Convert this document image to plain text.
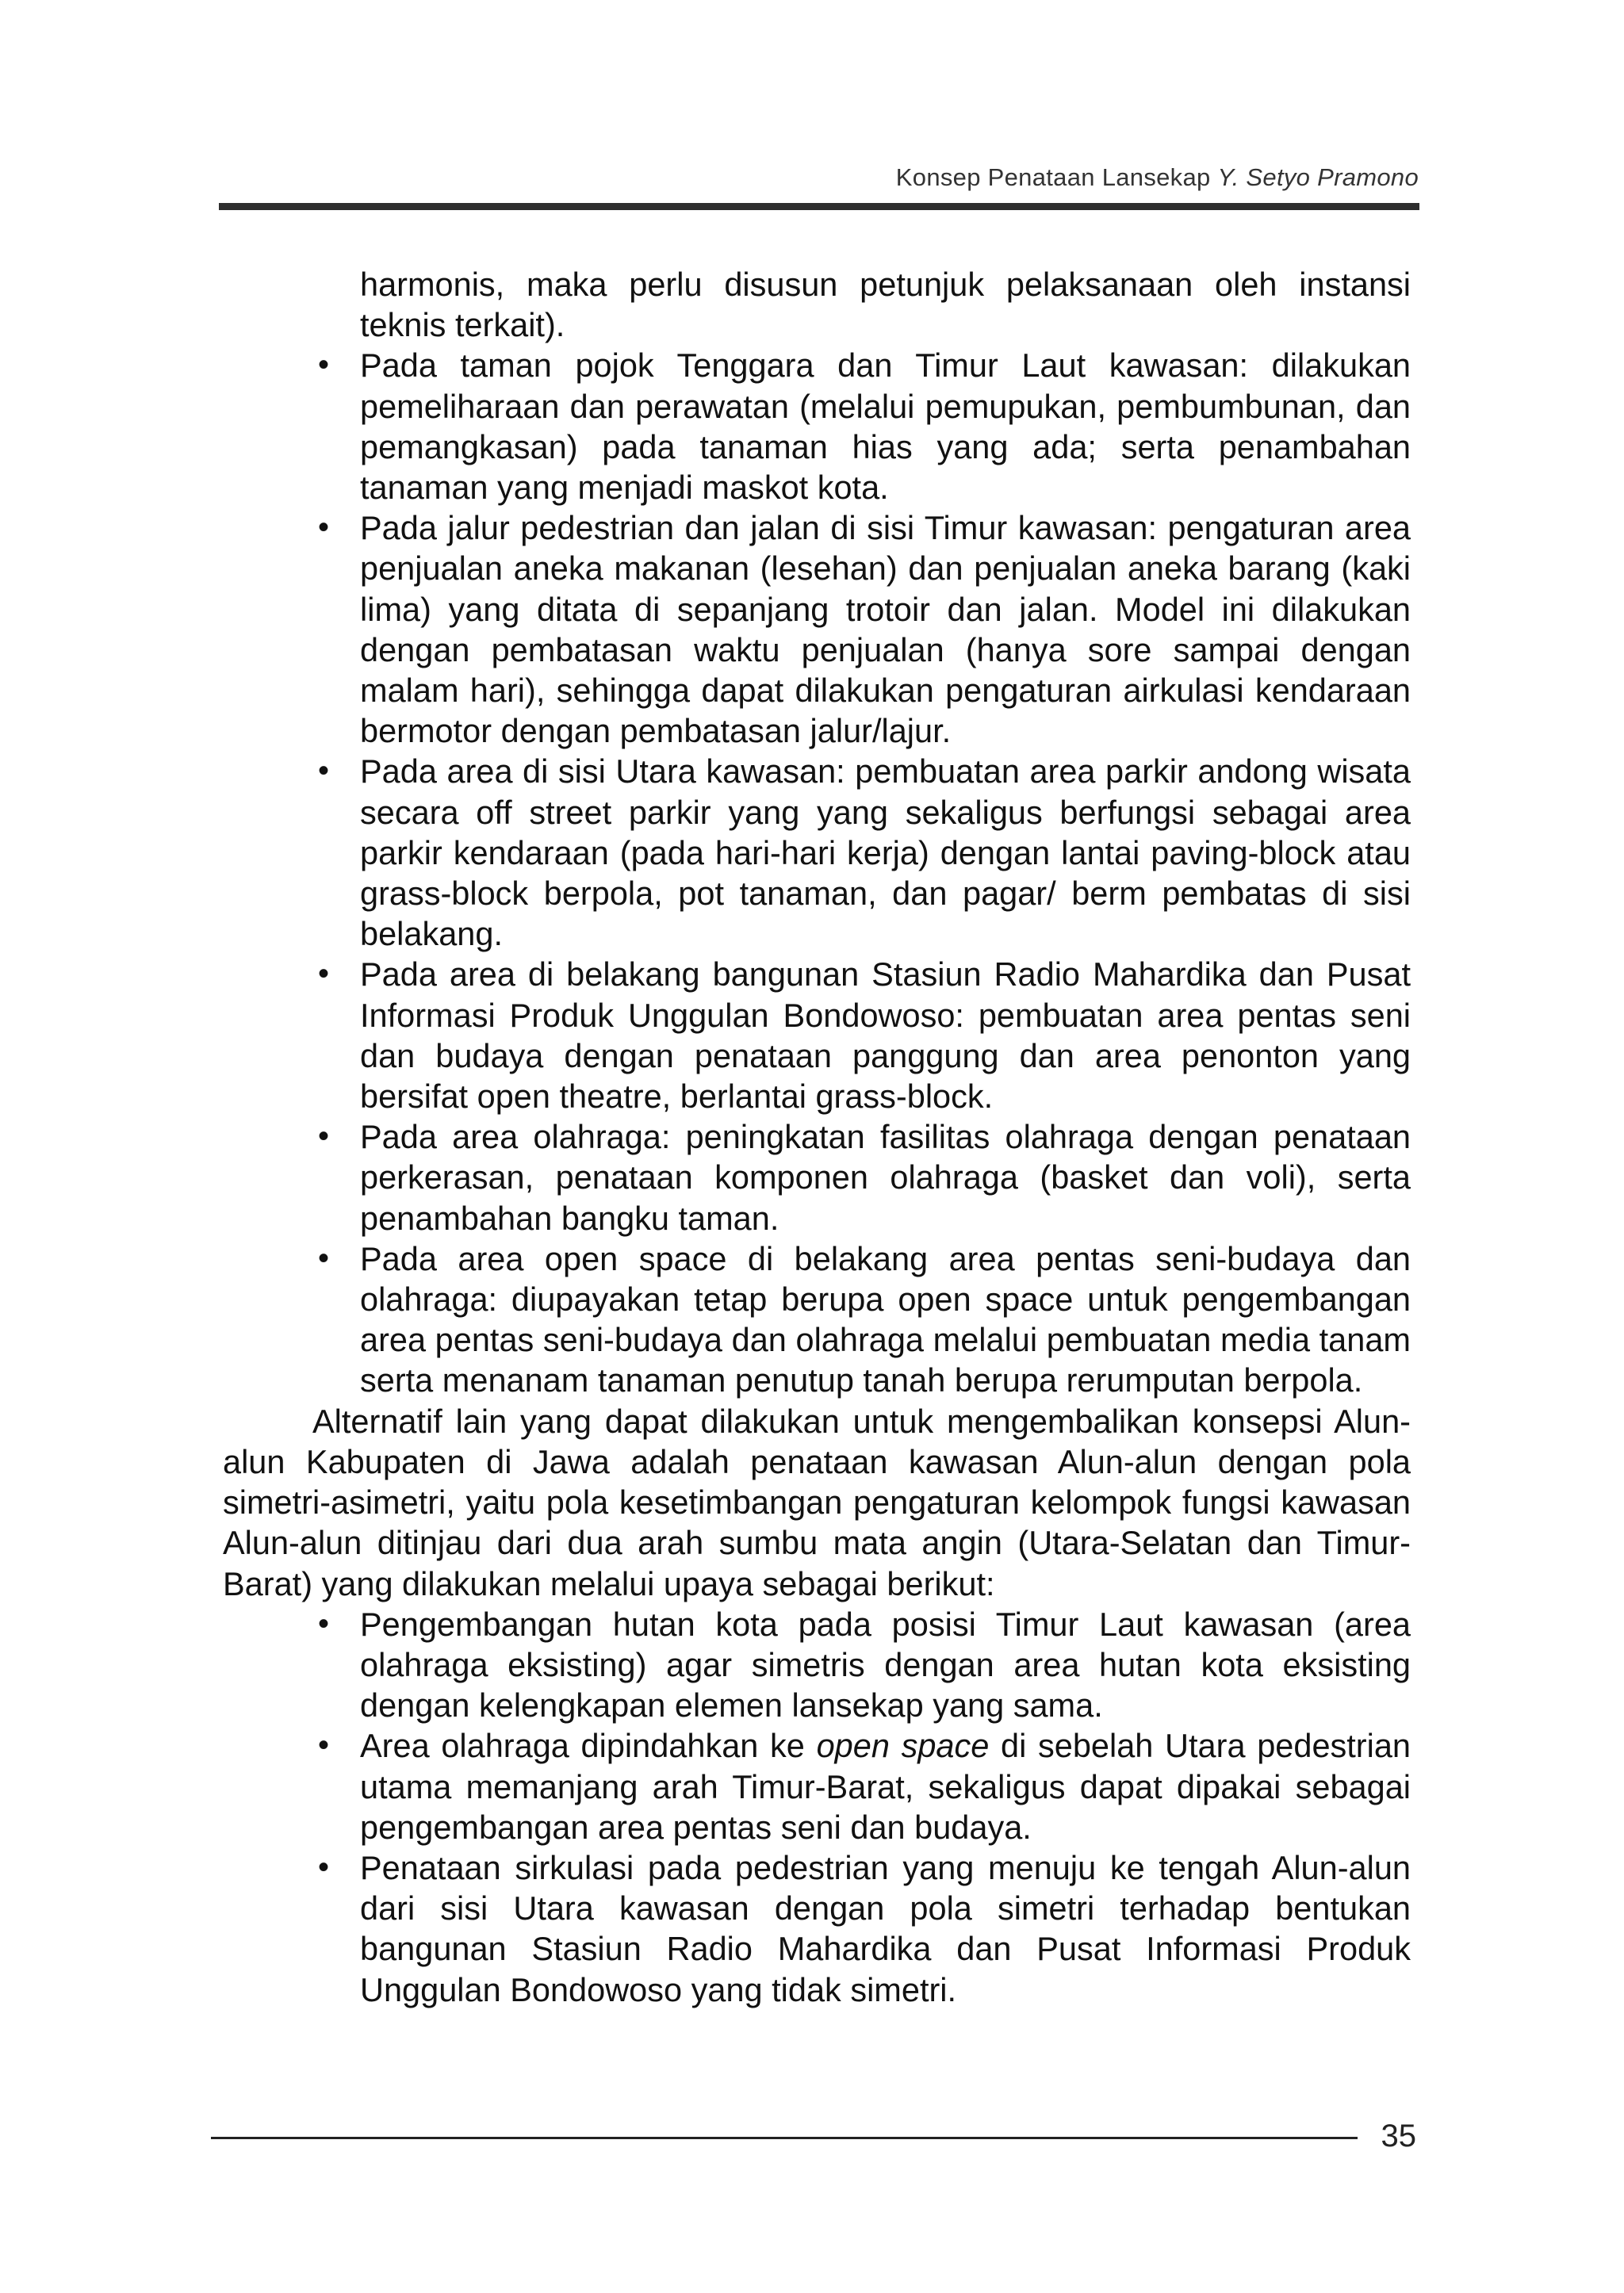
Konsep Penataan Lansekap Y. Setyo Pramono

harmonis, maka perlu disusun petunjuk pelaksanaan oleh instansi teknis terkait).

• Pada taman pojok Tenggara dan Timur Laut kawasan: dilakukan pemeliharaan dan perawatan (melalui pemupukan, pembumbunan, dan pemangkasan) pada tanaman hias yang ada; serta penambahan tanaman yang menjadi maskot kota.
• Pada jalur pedestrian dan jalan di sisi Timur kawasan: pengaturan area penjualan aneka makanan (lesehan) dan penjualan aneka barang (kaki lima) yang ditata di sepanjang trotoir dan jalan. Model ini dilakukan dengan pembatasan waktu penjualan (hanya sore sampai dengan malam hari), sehingga dapat dilakukan pengaturan airkulasi kendaraan bermotor dengan pembatasan jalur/lajur.
• Pada area di sisi Utara kawasan: pembuatan area parkir andong wisata secara off street parkir yang yang sekaligus berfungsi sebagai area parkir kendaraan (pada hari-hari kerja) dengan lantai paving-block atau grass-block berpola, pot tanaman, dan pagar/ berm pembatas di sisi belakang.
• Pada area di belakang bangunan Stasiun Radio Mahardika dan Pusat Informasi Produk Unggulan Bondowoso: pembuatan area pentas seni dan budaya dengan penataan panggung dan area penonton yang bersifat open theatre, berlantai grass-block.
• Pada area olahraga: peningkatan fasilitas olahraga dengan penataan perkerasan, penataan komponen olahraga (basket dan voli), serta penambahan bangku taman.
• Pada area open space di belakang area pentas seni-budaya dan olahraga: diupayakan tetap berupa open space untuk pengembangan area pentas seni-budaya dan olahraga melalui pembuatan media tanam serta menanam tanaman penutup tanah berupa rerumputan berpola.

Alternatif lain yang dapat dilakukan untuk mengembalikan konsepsi Alun-alun Kabupaten di Jawa adalah penataan kawasan Alun-alun dengan pola simetri-asimetri, yaitu pola kesetimbangan pengaturan kelompok fungsi kawasan Alun-alun ditinjau dari dua arah sumbu mata angin (Utara-Selatan dan Timur-Barat) yang dilakukan melalui upaya sebagai berikut:

• Pengembangan hutan kota pada posisi Timur Laut kawasan (area olahraga eksisting) agar simetris dengan area hutan kota eksisting dengan kelengkapan elemen lansekap yang sama.
• Area olahraga dipindahkan ke open space di sebelah Utara pedestrian utama memanjang arah Timur-Barat, sekaligus dapat dipakai sebagai pengembangan area pentas seni dan budaya.
• Penataan sirkulasi pada pedestrian yang menuju ke tengah Alun-alun dari sisi Utara kawasan dengan pola simetri terhadap bentukan bangunan Stasiun Radio Mahardika dan Pusat Informasi Produk Unggulan Bondowoso yang tidak simetri.
35
